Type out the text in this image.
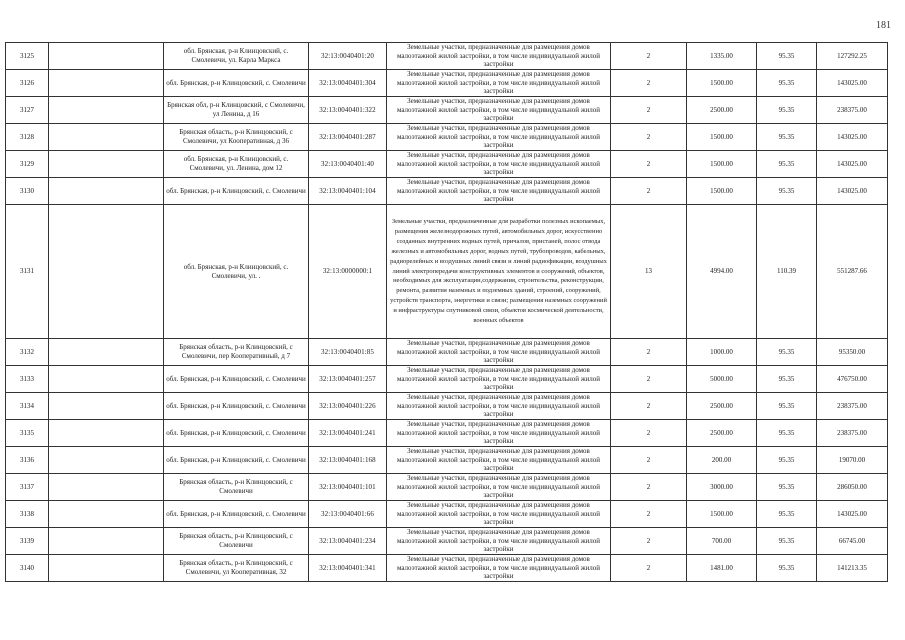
181
3125		обл. Брянская, р-н Клинцовский, с. Смолевичи, ул. Карла Маркса	32:13:0040401:20	Земельные участки, предназначенные для размещения домов малоэтажной жилой застройки, в том числе индивидуальной жилой застройки	2	1335.00	95.35	127292.25
3126		обл. Брянская, р-н Клинцовский, с. Смолевичи	32:13:0040401:304	Земельные участки, предназначенные для размещения домов малоэтажной жилой застройки, в том числе индивидуальной жилой застройки	2	1500.00	95.35	143025.00
3127		Брянская обл, р-н Клинцовский, с Смолевичи, ул Ленина, д 16	32:13:0040401:322	Земельные участки, предназначенные для размещения домов малоэтажной жилой застройки, в том числе индивидуальной жилой застройки	2	2500.00	95.35	238375.00
3128		Брянская область, р-н Клинцовский, с Смолевичи, ул Кооперативная, д 36	32:13:0040401:287	Земельные участки, предназначенные для размещения домов малоэтажной жилой застройки, в том числе индивидуальной жилой застройки	2	1500.00	95.35	143025.00
3129		обл. Брянская, р-н Клинцовский, с. Смолевичи, ул. Ленина, дом 12	32:13:0040401:40	Земельные участки, предназначенные для размещения домов малоэтажной жилой застройки, в том числе индивидуальной жилой застройки	2	1500.00	95.35	143025.00
3130		обл. Брянская, р-н Клинцовский, с. Смолевичи	32:13:0040401:104	Земельные участки, предназначенные для размещения домов малоэтажной жилой застройки, в том числе индивидуальной жилой застройки	2	1500.00	95.35	143025.00
3131		обл. Брянская, р-н Клинцовский, с. Смолевичи, ул. .	32:13:0000000:1	Земельные участки, предназначенные для разработки полезных ископаемых, размещения железнодорожных путей, автомобильных дорог, искусственно созданных внутренних водных путей, причалов, пристаней, полос отвода железных и автомобильных дорог, водных путей, трубопроводов, кабельных, радиорелейных и воздушных линий связи и линий радиофикации, воздушных линий электропередачи конструктивных элементов и сооружений, объектов, необходимых для эксплуатации,содержания, строительства, реконструкции, ремонта, развития наземных и подземных зданий, строений, сооружений, устройств транспорта, энергетики и связи; размещения наземных сооружений и инфраструктуры спутниковой связи, объектов космической деятельности, военных объектов	13	4994.00	110.39	551287.66
3132		Брянская область, р-н Клинцовский, с Смолевичи, пер Кооперативный, д 7	32:13:0040401:85	Земельные участки, предназначенные для размещения домов малоэтажной жилой застройки, в том числе индивидуальной жилой застройки	2	1000.00	95.35	95350.00
3133		обл. Брянская, р-н Клинцовский, с. Смолевичи	32:13:0040401:257	Земельные участки, предназначенные для размещения домов малоэтажной жилой застройки, в том числе индивидуальной жилой застройки	2	5000.00	95.35	476750.00
3134		обл. Брянская, р-н Клинцовский, с. Смолевичи	32:13:0040401:226	Земельные участки, предназначенные для размещения домов малоэтажной жилой застройки, в том числе индивидуальной жилой застройки	2	2500.00	95.35	238375.00
3135		обл. Брянская, р-н Клинцовский, с. Смолевичи	32:13:0040401:241	Земельные участки, предназначенные для размещения домов малоэтажной жилой застройки, в том числе индивидуальной жилой застройки	2	2500.00	95.35	238375.00
3136		обл. Брянская, р-н Клинцовский, с. Смолевичи	32:13:0040401:168	Земельные участки, предназначенные для размещения домов малоэтажной жилой застройки, в том числе индивидуальной жилой застройки	2	200.00	95.35	19070.00
3137		Брянская область, р-н Клинцовский, с Смолевичи	32:13:0040401:101	Земельные участки, предназначенные для размещения домов малоэтажной жилой застройки, в том числе индивидуальной жилой застройки	2	3000.00	95.35	286050.00
3138		обл. Брянская, р-н Клинцовский, с. Смолевичи	32:13:0040401:66	Земельные участки, предназначенные для размещения домов малоэтажной жилой застройки, в том числе индивидуальной жилой застройки	2	1500.00	95.35	143025.00
3139		Брянская область, р-н Клинцовский, с Смолевичи	32:13:0040401:234	Земельные участки, предназначенные для размещения домов малоэтажной жилой застройки, в том числе индивидуальной жилой застройки	2	700.00	95.35	66745.00
3140		Брянская область, р-н Клинцовский, с Смолевичи, ул Кооперативная, 32	32:13:0040401:341	Земельные участки, предназначенные для размещения домов малоэтажной жилой застройки, в том числе индивидуальной жилой застройки	2	1481.00	95.35	141213.35
